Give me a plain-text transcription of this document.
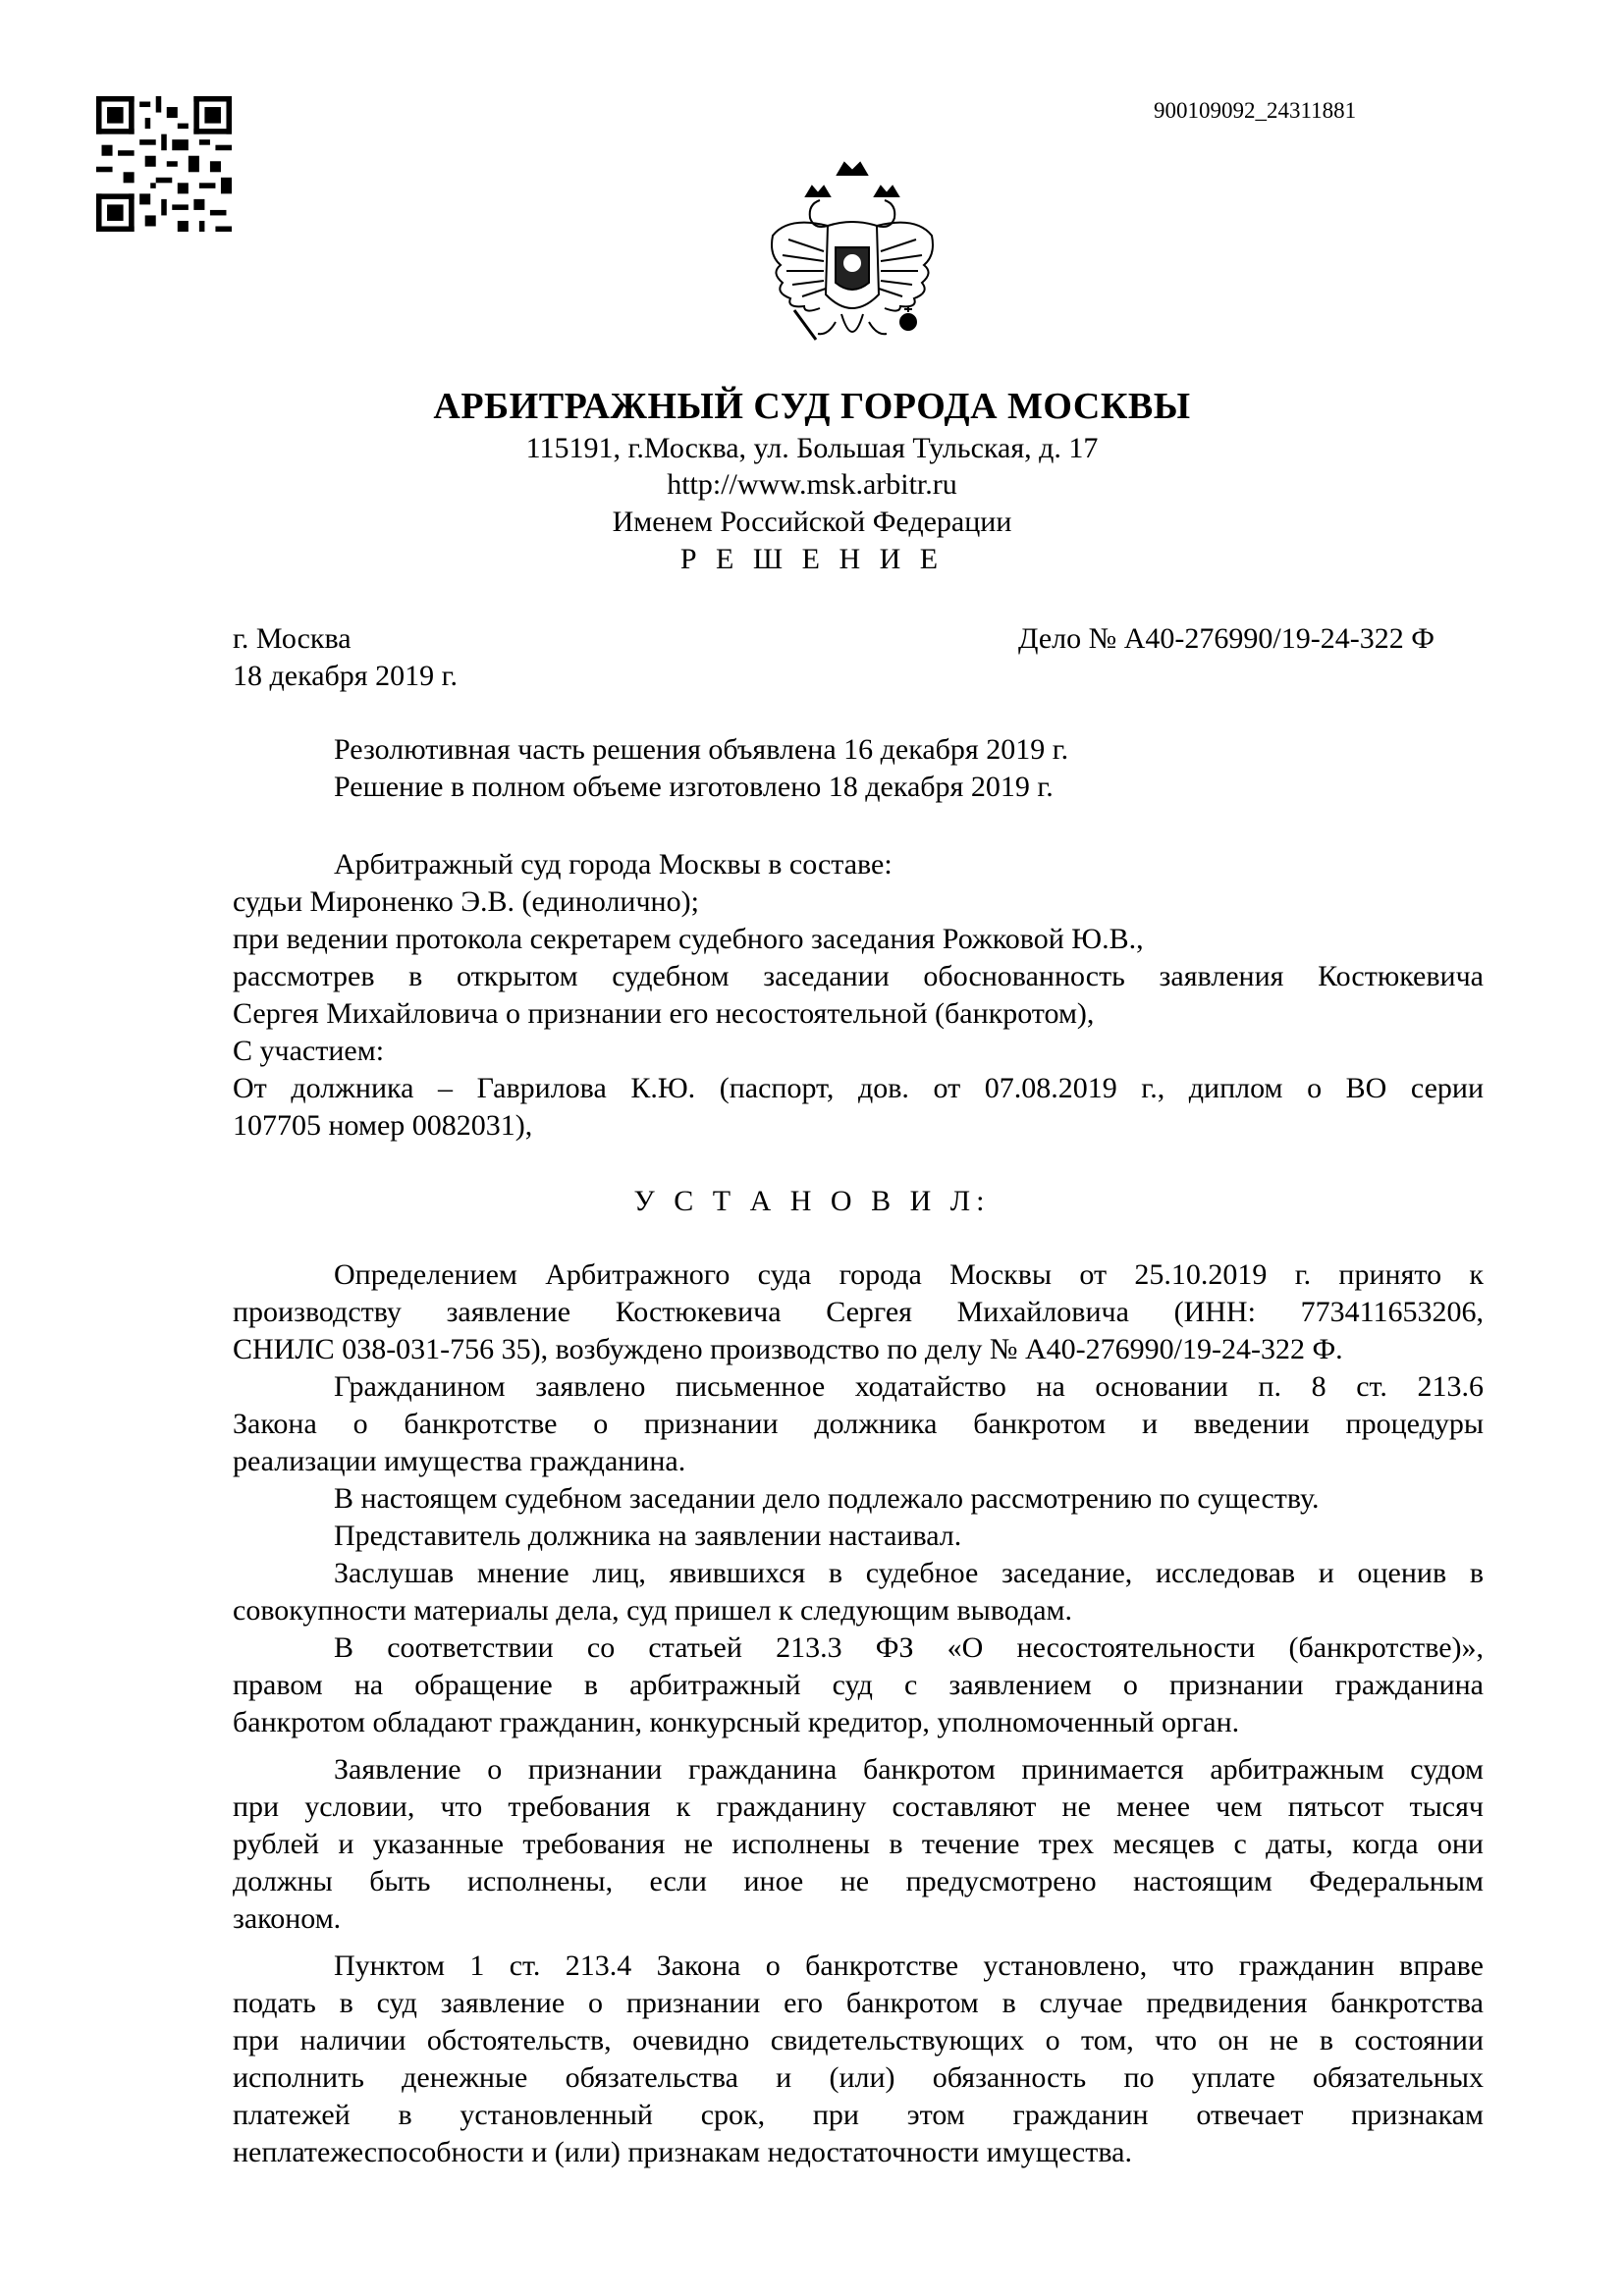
900109092_24311881
АРБИТРАЖНЫЙ СУД ГОРОДА МОСКВЫ
115191, г.Москва, ул. Большая Тульская, д. 17
http://www.msk.arbitr.ru
Именем Российской Федерации
Р Е Ш Е Н И Е
г. Москва
18 декабря 2019 г.
Дело № А40-276990/19-24-322 Ф
Резолютивная часть решения объявлена 16 декабря 2019 г.
Решение в полном объеме изготовлено 18 декабря 2019 г.
Арбитражный суд города Москвы в составе:
судьи Мироненко Э.В. (единолично);
при ведении протокола секретарем судебного заседания Рожковой Ю.В.,
рассмотрев в открытом судебном заседании обоснованность заявления Костюкевича
Сергея Михайловича о признании его несостоятельной (банкротом),
С участием:
От должника – Гаврилова К.Ю. (паспорт, дов. от 07.08.2019 г., диплом о ВО серии
107705 номер 0082031),
У С Т А Н О В И Л:
Определением Арбитражного суда города Москвы от 25.10.2019 г. принято к
производству заявление Костюкевича Сергея Михайловича (ИНН: 773411653206,
СНИЛС 038-031-756 35), возбуждено производство по делу № А40-276990/19-24-322 Ф.
Гражданином заявлено письменное ходатайство на основании п. 8 ст. 213.6
Закона о банкротстве о признании должника банкротом и введении процедуры
реализации имущества гражданина.
В настоящем судебном заседании дело подлежало рассмотрению по существу.
Представитель должника на заявлении настаивал.
Заслушав мнение лиц, явившихся в судебное заседание, исследовав и оценив в
совокупности материалы дела, суд пришел к следующим выводам.
В соответствии со статьей 213.3 ФЗ «О несостоятельности (банкротстве)»,
правом на обращение в арбитражный суд с заявлением о признании гражданина
банкротом обладают гражданин, конкурсный кредитор, уполномоченный орган.
Заявление о признании гражданина банкротом принимается арбитражным судом
при условии, что требования к гражданину составляют не менее чем пятьсот тысяч
рублей и указанные требования не исполнены в течение трех месяцев с даты, когда они
должны быть исполнены, если иное не предусмотрено настоящим Федеральным
законом.
Пунктом 1 ст. 213.4 Закона о банкротстве установлено, что гражданин вправе
подать в суд заявление о признании его банкротом в случае предвидения банкротства
при наличии обстоятельств, очевидно свидетельствующих о том, что он не в состоянии
исполнить денежные обязательства и (или) обязанность по уплате обязательных
платежей в установленный срок, при этом гражданин отвечает признакам
неплатежеспособности и (или) признакам недостаточности имущества.
